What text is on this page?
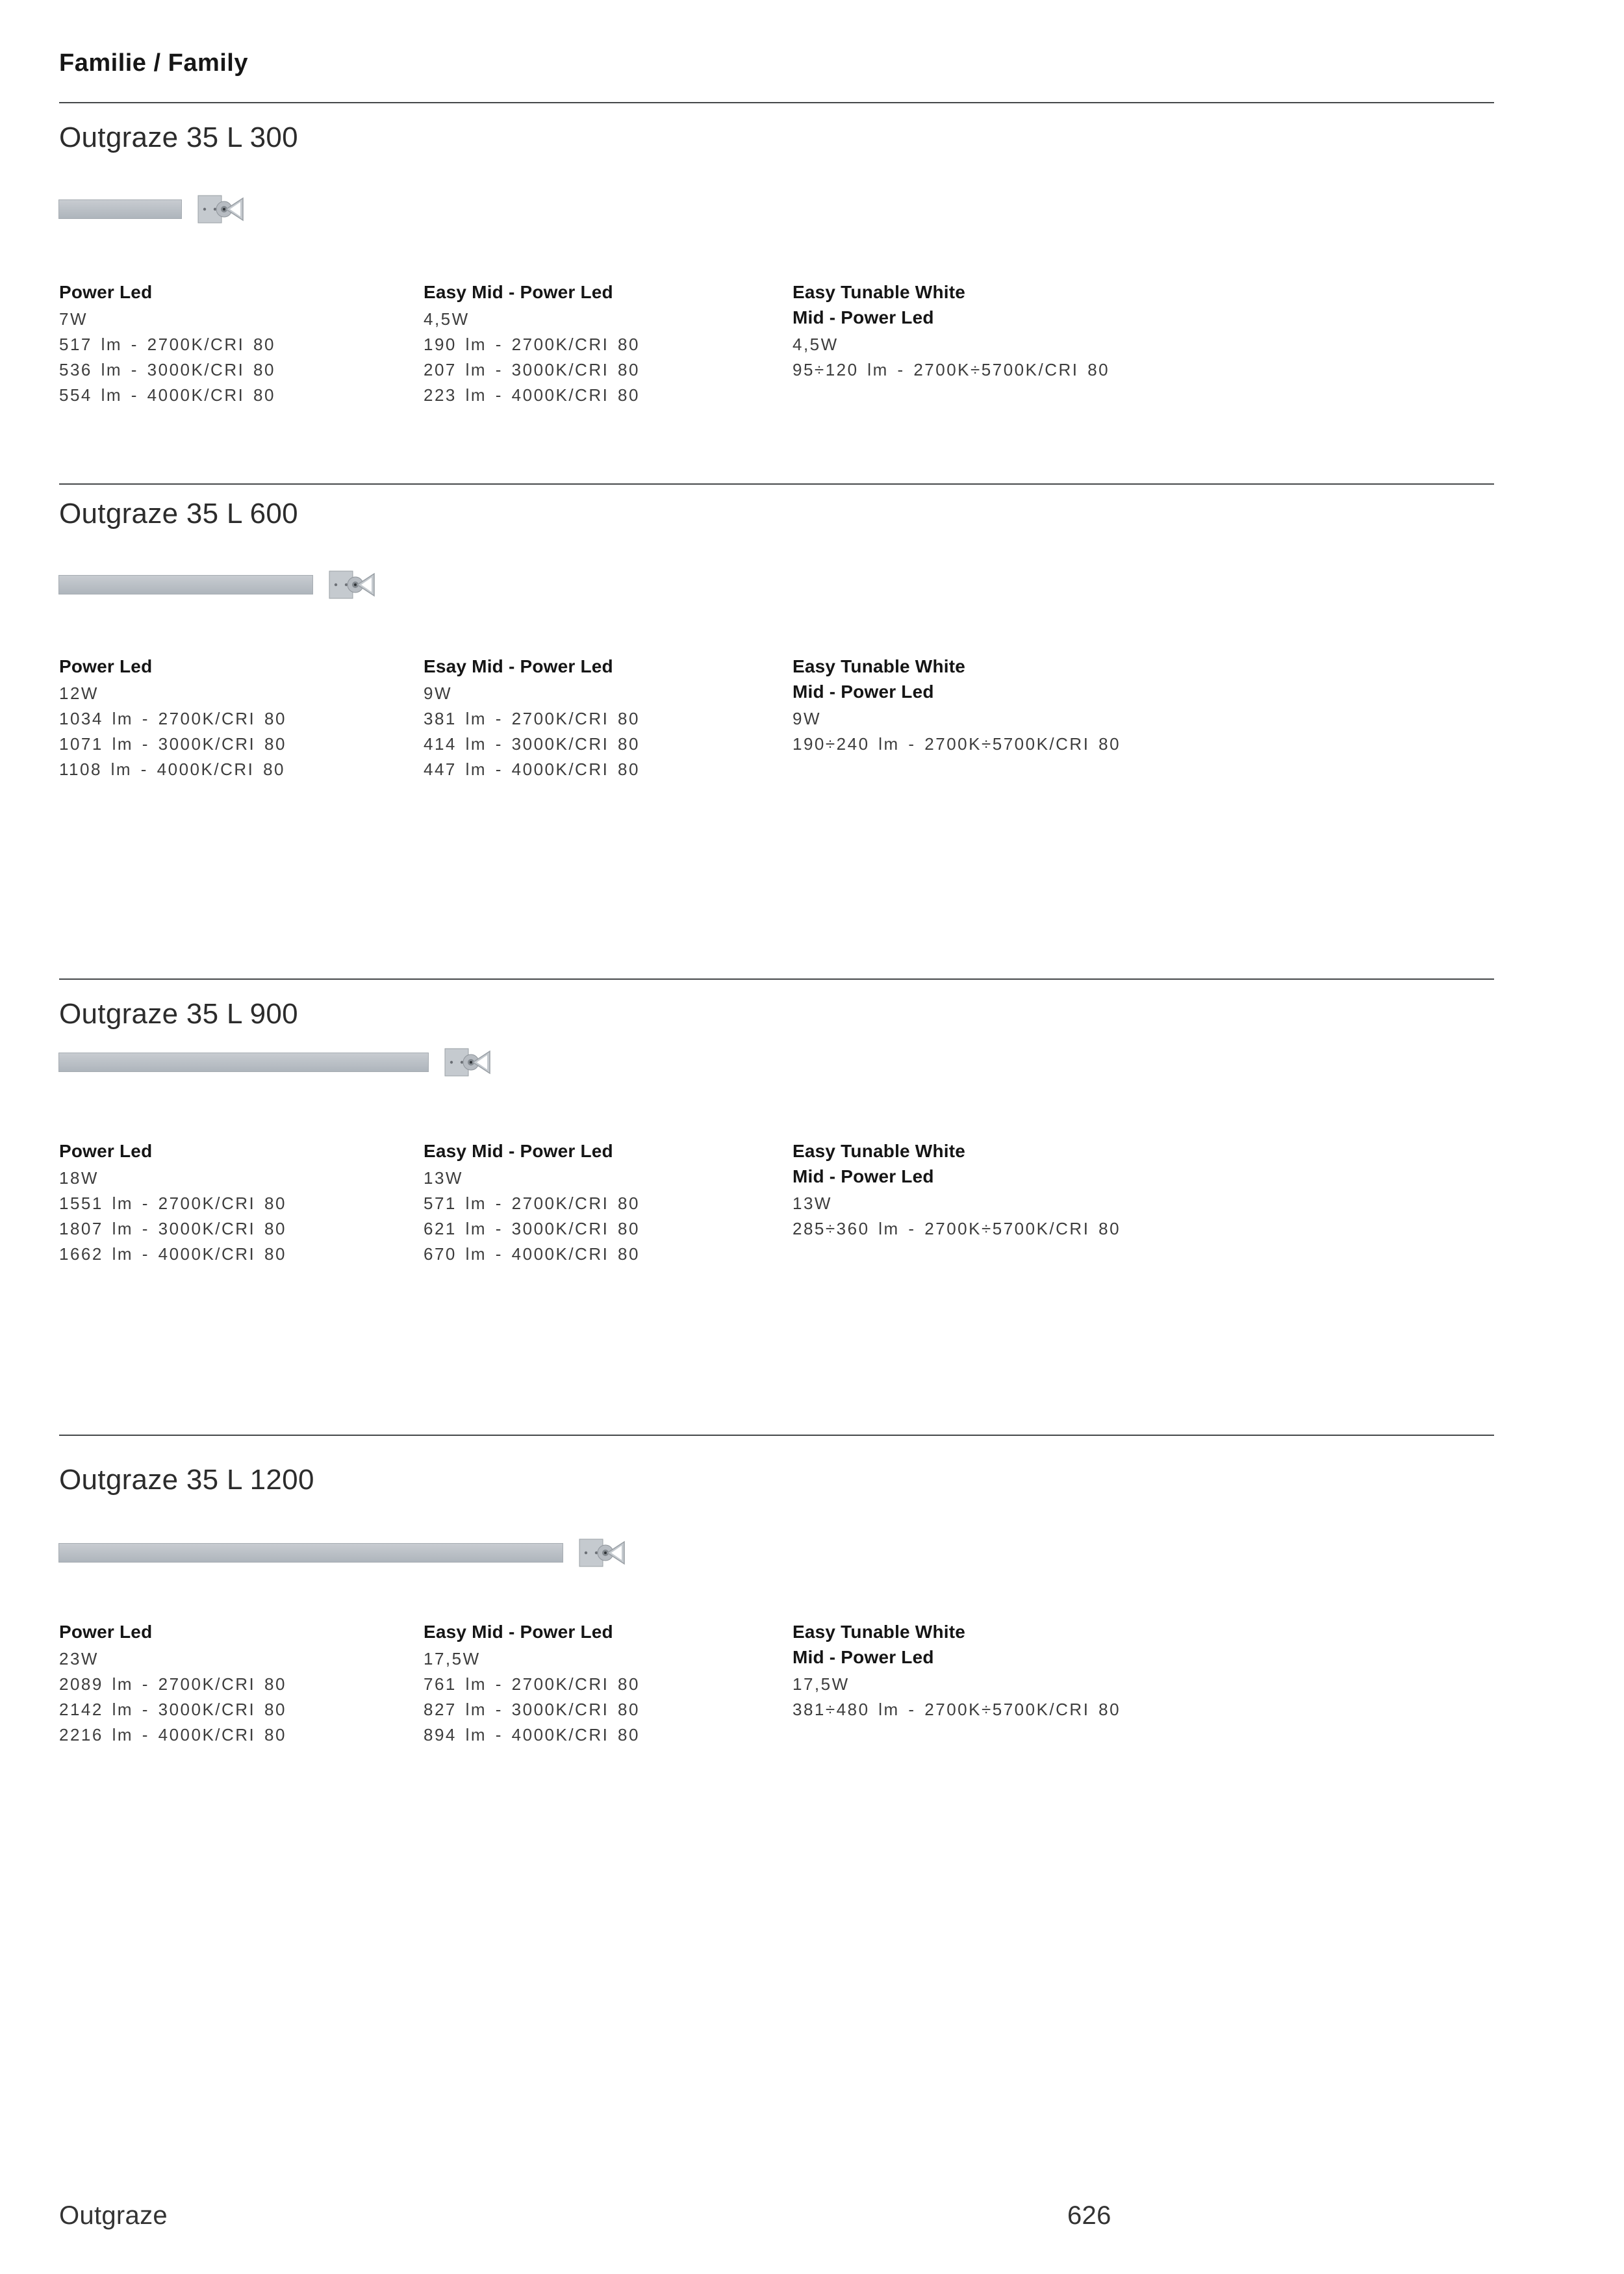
Familie / Family
Outgraze 35 L 300
Power Led
7W
517 lm - 2700K/CRI 80
536 lm - 3000K/CRI 80
554 lm - 4000K/CRI 80
Easy Mid - Power Led
4,5W
190 lm - 2700K/CRI 80
207 lm - 3000K/CRI 80
223 lm - 4000K/CRI 80
Easy Tunable White
Mid - Power Led
4,5W
95÷120 lm - 2700K÷5700K/CRI 80
Outgraze 35 L 600
Power Led
12W
1034 lm - 2700K/CRI 80
1071 lm - 3000K/CRI 80
1108 lm - 4000K/CRI 80
Esay Mid - Power Led
9W
381 lm - 2700K/CRI 80
414 lm - 3000K/CRI 80
447 lm - 4000K/CRI 80
Easy Tunable White
Mid - Power Led
9W
190÷240 lm - 2700K÷5700K/CRI 80
Outgraze 35 L 900
Power Led
18W
1551 lm - 2700K/CRI 80
1807 lm - 3000K/CRI 80
1662 lm - 4000K/CRI 80
Easy Mid - Power Led
13W
571 lm - 2700K/CRI 80
621 lm - 3000K/CRI 80
670 lm - 4000K/CRI 80
Easy Tunable White
Mid - Power Led
13W
285÷360 lm - 2700K÷5700K/CRI 80
Outgraze 35 L 1200
Power Led
23W
2089 lm - 2700K/CRI 80
2142 lm - 3000K/CRI 80
2216 lm - 4000K/CRI 80
Easy Mid - Power Led
17,5W
761 lm - 2700K/CRI 80
827 lm - 3000K/CRI 80
894 lm - 4000K/CRI 80
Easy Tunable White
Mid - Power Led
17,5W
381÷480 lm - 2700K÷5700K/CRI 80
Outgraze	626
